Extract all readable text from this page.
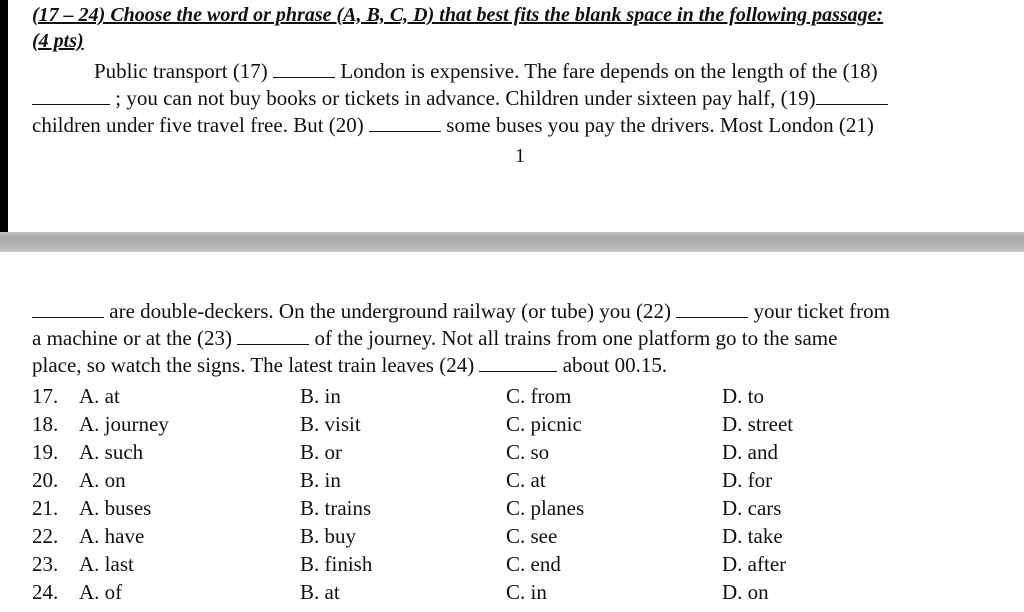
(17 – 24) Choose the word or phrase (A, B, C, D) that best fits the blank space in the following passage:
(4 pts)
Public transport (17)	London is expensive. The fare depends on the length of the (18)
; you can not buy books or tickets in advance. Children under sixteen pay half, (19)
children under five travel free. But (20)	some buses you pay the drivers. Most London (21)
1
are double-deckers. On the underground railway (or tube) you (22)	your ticket from
a machine or at the (23)	of the journey. Not all trains from one platform go to the same
place, so watch the signs. The latest train leaves (24)	about 00.15.
17. A. at	B. in	C. from	D. to
18. A. journey	B. visit	C. picnic	D. street
19. A. such	B. or	C. so	D. and
20. A. on	B. in	C. at	D. for
21. A. buses	B. trains	C. planes	D. cars
22. A. have	B. buy	C. see	D. take
23. A. last	B. finish	C. end	D. after
24. A. of	B. at	C. in	D. on
